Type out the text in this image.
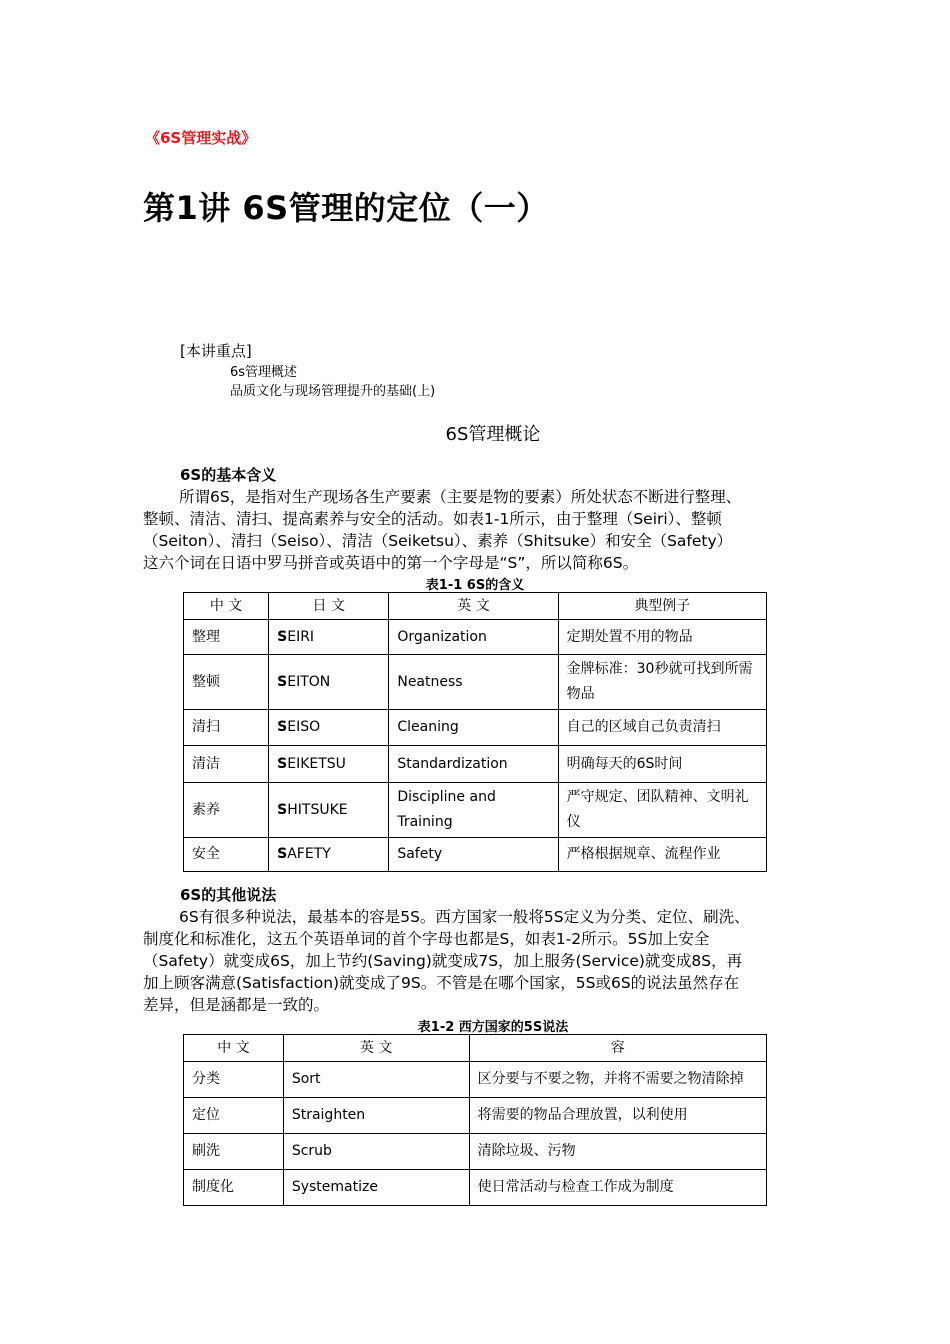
《6S管理实战》
第1讲 6S管理的定位（一）
[本讲重点]
6s管理概述
品质文化与现场管理提升的基础(上)
6S管理概论
6S的基本含义

所谓6S，是指对生产现场各生产要素（主要是物的要素）所处状态不断进行整理、

整顿、清洁、清扫、提高素养与安全的活动。如表1-1所示，由于整理（Seiri）、整顿

（Seiton）、清扫（Seiso）、清洁（Seiketsu）、素养（Shitsuke）和安全（Safety）

这六个词在日语中罗马拼音或英语中的第一个字母是“S”，所以简称6S。

表1-1 6S的含义
中 文	日 文	英 文	典型例子
整理	SEIRI	Organization	定期处置不用的物品
整顿	SEITON	Neatness	金牌标准：30秒就可找到所需物品
清扫	SEISO	Cleaning	自己的区域自己负责清扫
清洁	SEIKETSU	Standardization	明确每天的6S时间
素养	SHITSUKE	Discipline and Training	严守规定、团队精神、文明礼仪
安全	SAFETY	Safety	严格根据规章、流程作业
6S的其他说法

6S有很多种说法，最基本的容是5S。西方国家一般将5S定义为分类、定位、刷洗、

制度化和标准化，这五个英语单词的首个字母也都是S，如表1-2所示。5S加上安全

（Safety）就变成6S，加上节约(Saving)就变成7S，加上服务(Service)就变成8S，再

加上顾客满意(Satisfaction)就变成了9S。不管是在哪个国家，5S或6S的说法虽然存在

差异，但是涵都是一致的。

表1-2 西方国家的5S说法
中 文	英 文	容
分类	Sort	区分要与不要之物，并将不需要之物清除掉
定位	Straighten	将需要的物品合理放置，以利使用
刷洗	Scrub	清除垃圾、污物
制度化	Systematize	使日常活动与检查工作成为制度
